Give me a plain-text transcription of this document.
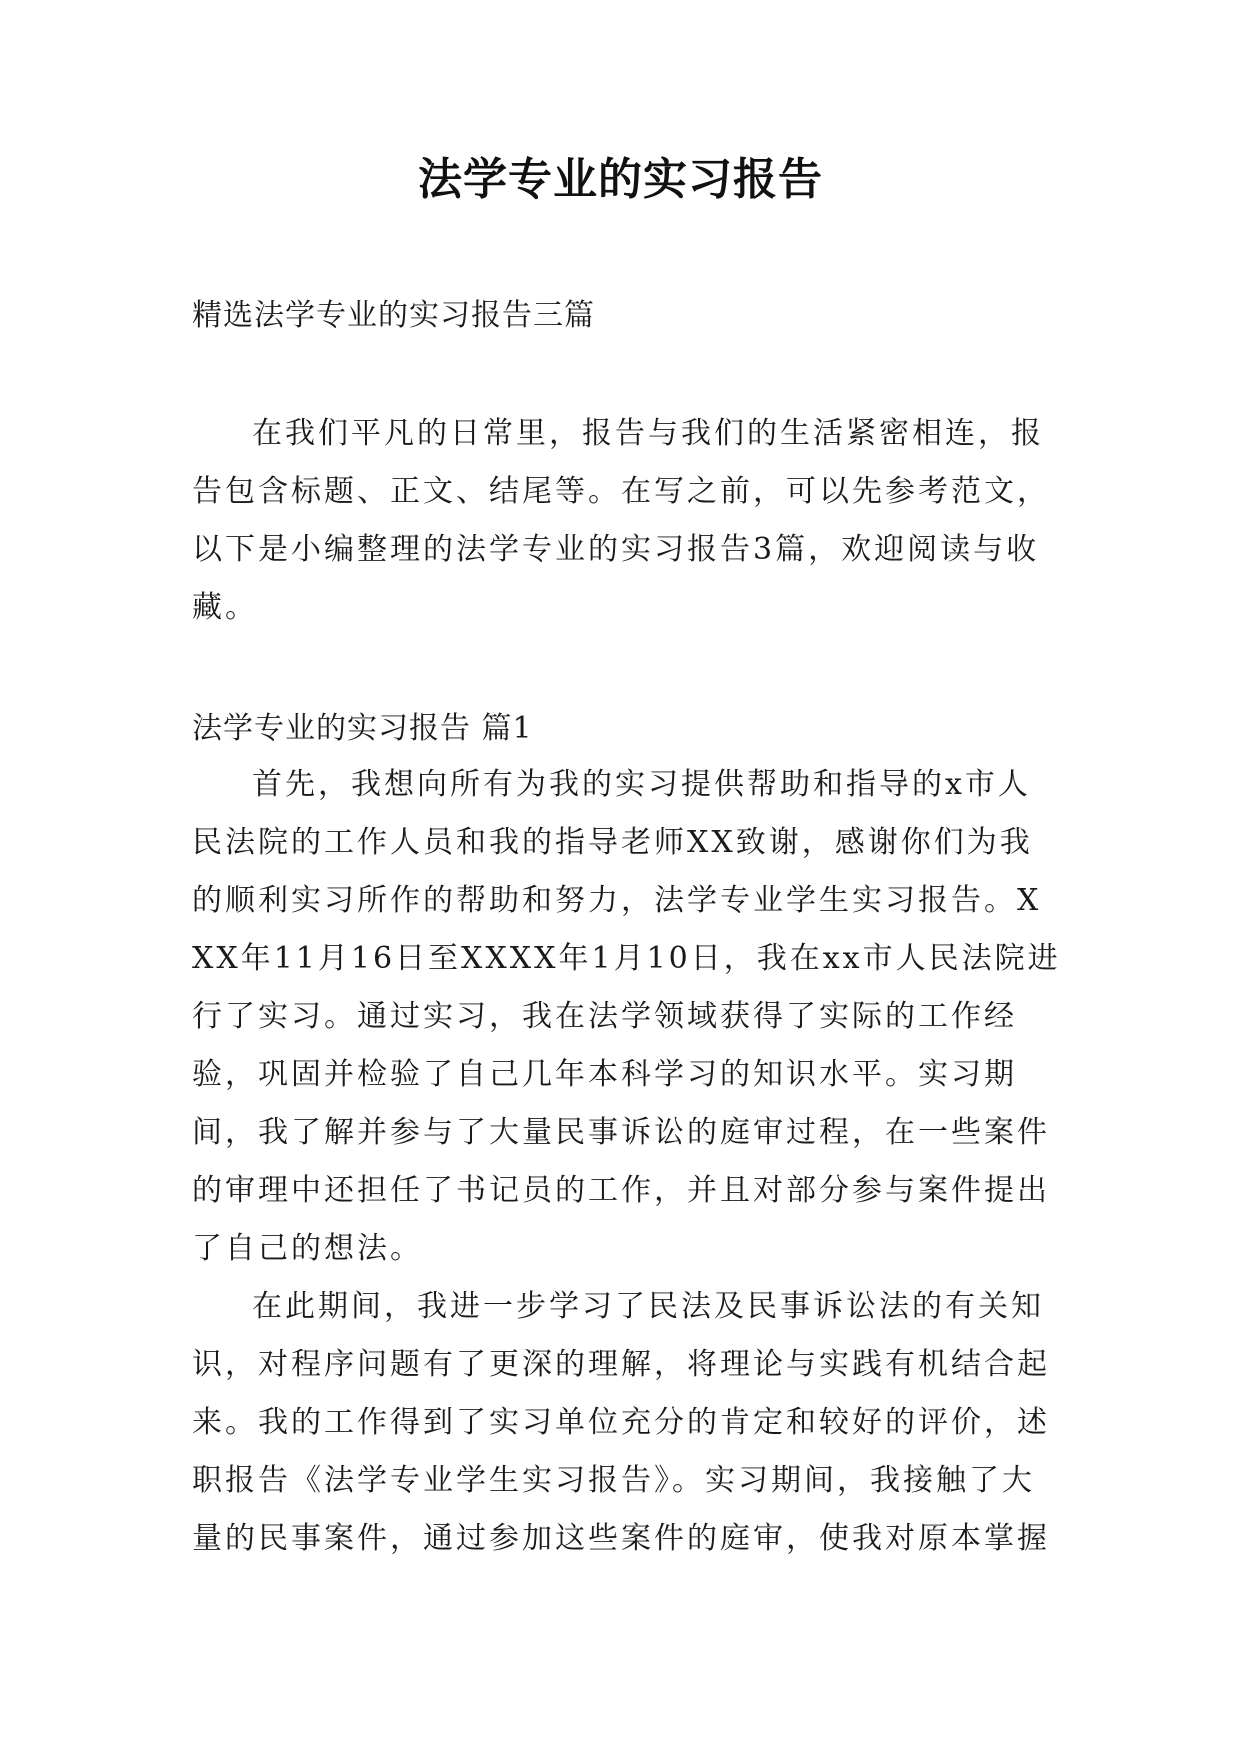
法学专业的实习报告
精选法学专业的实习报告三篇

在我们平凡的日常里，报告与我们的生活紧密相连，报告包含标题、正文、结尾等。在写之前，可以先参考范文，以下是小编整理的法学专业的实习报告3篇，欢迎阅读与收藏。

法学专业的实习报告 篇1

首先，我想向所有为我的实习提供帮助和指导的x市人民法院的工作人员和我的指导老师XX致谢，感谢你们为我的顺利实习所作的帮助和努力，法学专业学生实习报告。XXX年11月16日至XXXX年1月10日，我在xx市人民法院进行了实习。通过实习，我在法学领域获得了实际的工作经验，巩固并检验了自己几年本科学习的知识水平。实习期间，我了解并参与了大量民事诉讼的庭审过程，在一些案件的审理中还担任了书记员的工作，并且对部分参与案件提出了自己的想法。

在此期间，我进一步学习了民法及民事诉讼法的有关知识，对程序问题有了更深的理解，将理论与实践有机结合起来。我的工作得到了实习单位充分的肯定和较好的评价，述职报告《法学专业学生实习报告》。实习期间，我接触了大量的民事案件，通过参加这些案件的庭审，使我对原本掌握
